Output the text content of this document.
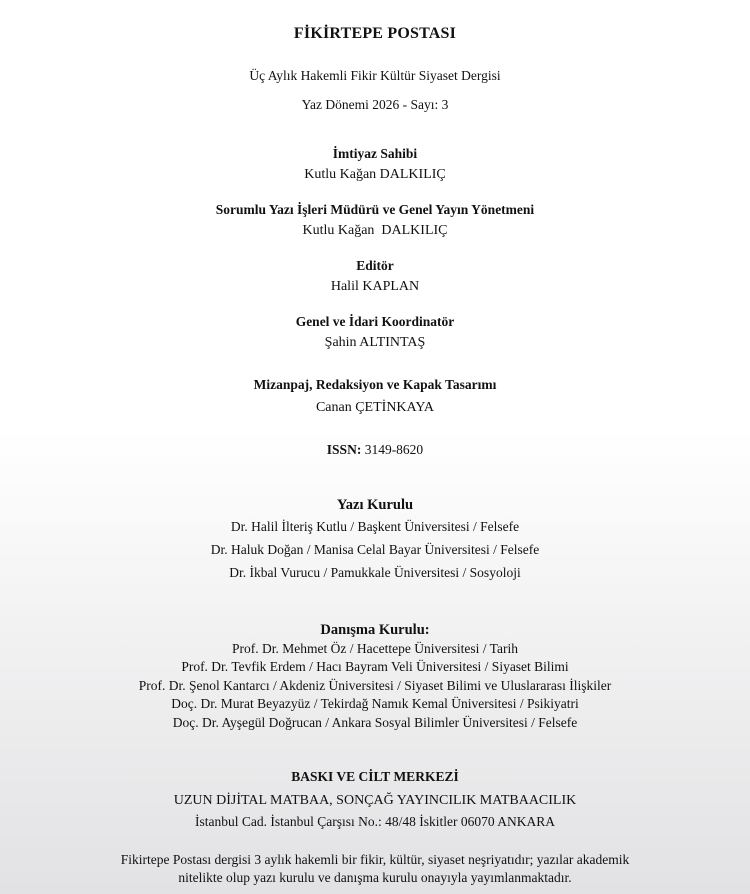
FİKİRTEPE POSTASI
Üç Aylık Hakemli Fikir Kültür Siyaset Dergisi
Yaz Dönemi 2026 - Sayı: 3
İmtiyaz Sahibi
Kutlu Kağan DALKILIÇ
Sorumlu Yazı İşleri Müdürü ve Genel Yayın Yönetmeni
Kutlu Kağan  DALKILIÇ
Editör
Halil KAPLAN
Genel ve İdari Koordinatör
Şahin ALTINTAŞ
Mizanpaj, Redaksiyon ve Kapak Tasarımı
Canan ÇETİNKAYA
ISSN: 3149-8620
Yazı Kurulu
Dr. Halil İlteriş Kutlu / Başkent Üniversitesi / Felsefe
Dr. Haluk Doğan / Manisa Celal Bayar Üniversitesi / Felsefe
Dr. İkbal Vurucu / Pamukkale Üniversitesi / Sosyoloji
Danışma Kurulu:
Prof. Dr. Mehmet Öz / Hacettepe Üniversitesi / Tarih
Prof. Dr. Tevfik Erdem / Hacı Bayram Veli Üniversitesi / Siyaset Bilimi
Prof. Dr. Şenol Kantarcı / Akdeniz Üniversitesi / Siyaset Bilimi ve Uluslararası İlişkiler
Doç. Dr. Murat Beyazyüz / Tekirdağ Namık Kemal Üniversitesi / Psikiyatri
Doç. Dr. Ayşegül Doğrucan / Ankara Sosyal Bilimler Üniversitesi / Felsefe
BASKI VE CİLT MERKEZİ
UZUN DİJİTAL MATBAA, SONÇAĞ YAYINCILIK MATBAACILIK
İstanbul Cad. İstanbul Çarşısı No.: 48/48 İskitler 06070 ANKARA
Fikirtepe Postası dergisi 3 aylık hakemli bir fikir, kültür, siyaset neşriyatıdır; yazılar akademik
nitelikte olup yazı kurulu ve danışma kurulu onayıyla yayımlanmaktadır.
